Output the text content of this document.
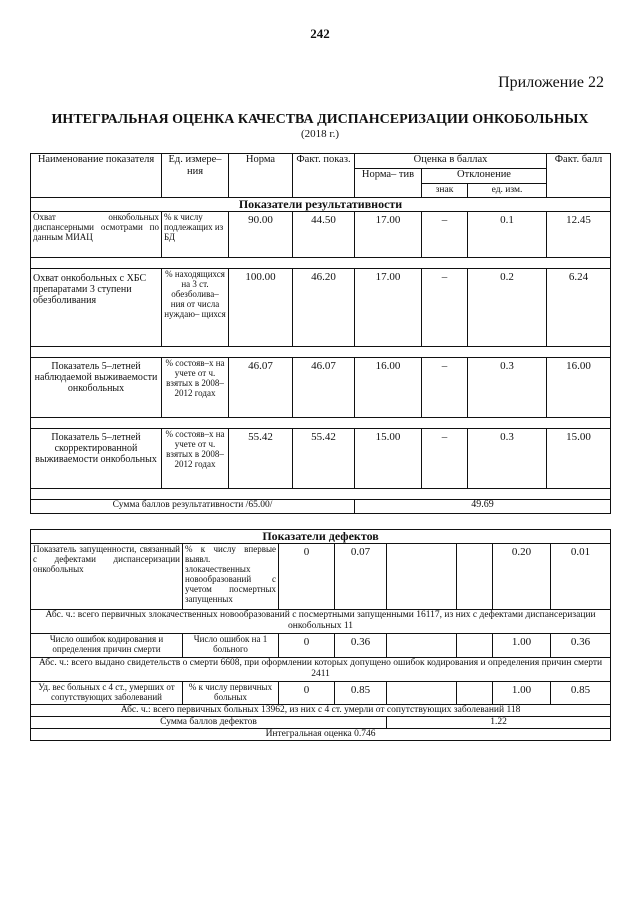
242
Приложение 22
ИНТЕГРАЛЬНАЯ ОЦЕНКА КАЧЕСТВА ДИСПАНСЕРИЗАЦИИ ОНКОБОЛЬНЫХ
(2018 г.)
Наименование показателя	Ед. измере– ния	Норма	Факт. показ.	Оценка в баллах			Факт. балл
				Норма– тив	Отклонение		
					знак	ед. изм.	
Показатели результативности							
Охват онкобольных диспансерными осмотрами по данным МИАЦ	% к числу подлежащих из БД	90.00	44.50	17.00	–	0.1	12.45

Охват онкобольных с ХБС препаратами 3 ступени обезболивания	% находящихся на 3 ст. обезболива– ния от числа нуждаю– щихся	100.00	46.20	17.00	–	0.2	6.24

Показатель 5–летней наблюдаемой выживаемости онкобольных	% состояв–х на учете от ч. взятых в 2008–2012 годах	46.07	46.07	16.00	–	0.3	16.00

Показатель 5–летней скорректированной выживаемости онкобольных	% состояв–х на учете от ч. взятых в 2008–2012 годах	55.42	55.42	15.00	–	0.3	15.00

Сумма баллов результативности /65.00/				49.69			
Показатели дефектов							
Показатель запущенности, связанный с дефектами диспансеризации онкобольных	% к числу впервые выявл. злокачественных новообразований с учетом посмертных запущенных	0	0.07			0.20	0.01
Абс. ч.: всего первичных злокачественных новообразований с посмертными запущенными 16117, из них с дефектами диспансеризации онкобольных 11							
Число ошибок кодирования и определения причин смерти	Число ошибок на 1 больного	0	0.36			1.00	0.36
Абс. ч.: всего выдано свидетельств о смерти 6608, при оформлении которых допущено ошибок кодирования и определения причин смерти 2411							
Уд. вес больных с 4 ст., умерших от сопутствующих заболеваний	% к числу первичных больных	0	0.85			1.00	0.85
Абс. ч.: всего первичных больных 13962, из них с 4 ст. умерли от сопутствующих заболеваний 118							
Сумма баллов дефектов				1.22			
Интегральная оценка 0.746							
